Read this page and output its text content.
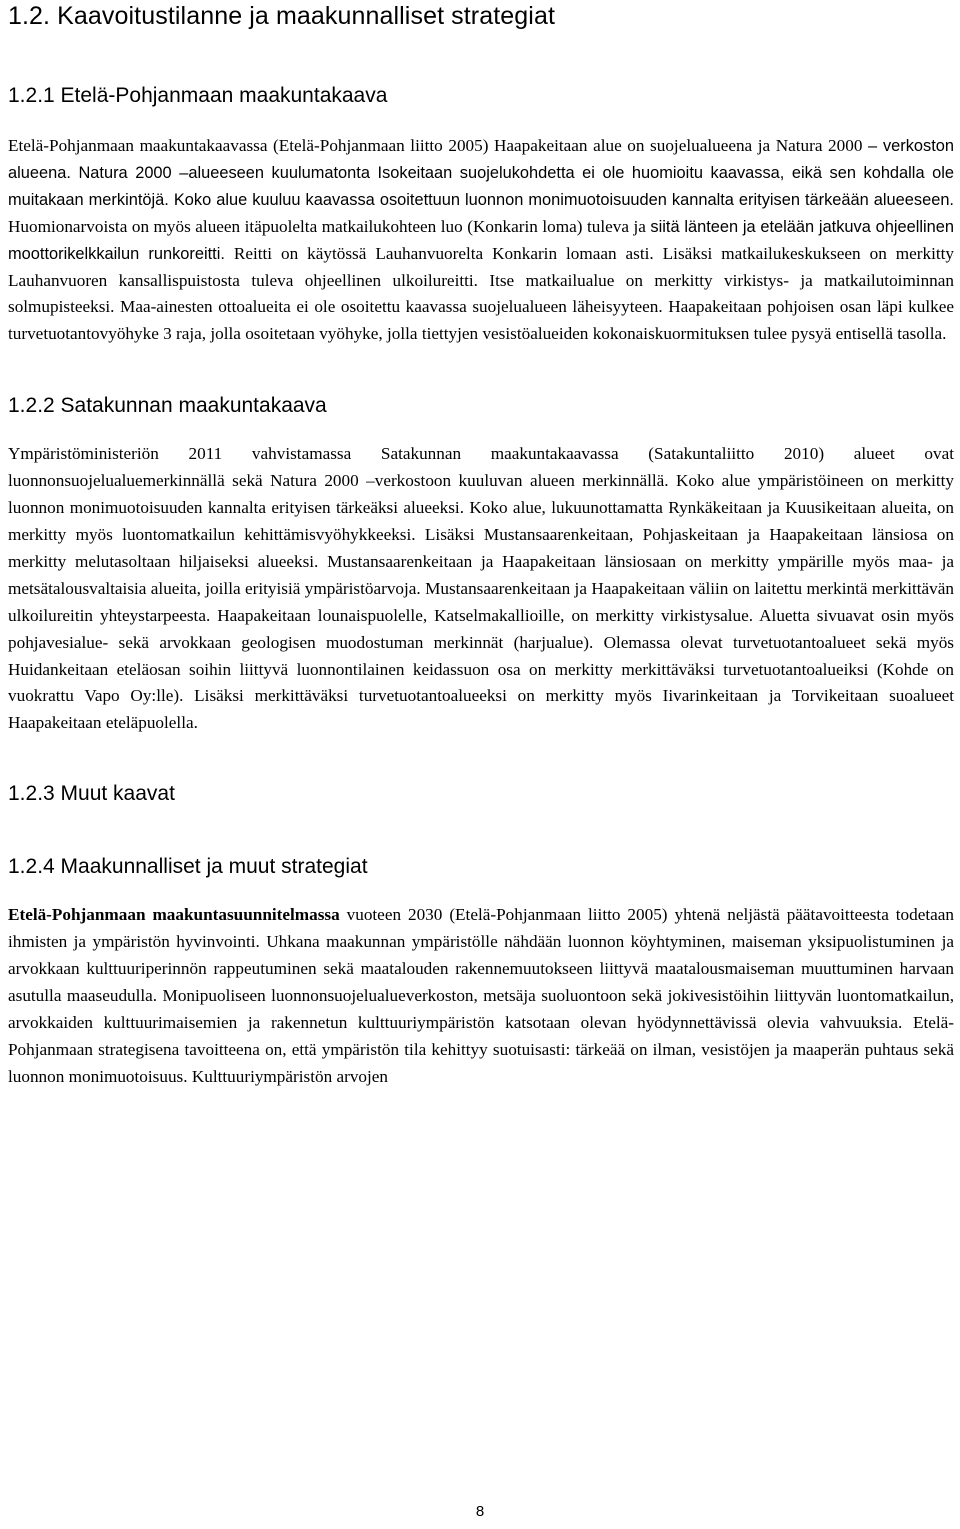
1.2. Kaavoitustilanne ja maakunnalliset strategiat
1.2.1 Etelä-Pohjanmaan maakuntakaava

Etelä-Pohjanmaan maakuntakaavassa (Etelä-Pohjanmaan liitto 2005) Haapakeitaan alue on suojelualueena ja Natura 2000 – verkoston alueena. Natura 2000 –alueeseen kuulumatonta Isokeitaan suojelukohdetta ei ole huomioitu kaavassa, eikä sen kohdalla ole muitakaan merkintöjä. Koko alue kuuluu kaavassa osoitettuun luonnon monimuotoisuuden kannalta erityisen tärkeään alueeseen. Huomionarvoista on myös alueen itäpuolelta matkailukohteen luo (Konkarin loma) tuleva ja siitä länteen ja etelään jatkuva ohjeellinen moottorikelkkailun runkoreitti. Reitti on käytössä Lauhanvuorelta Konkarin lomaan asti. Lisäksi matkailukeskukseen on merkitty Lauhanvuoren kansallispuistosta tuleva ohjeellinen ulkoilureitti. Itse matkailualue on merkitty virkistys- ja matkailutoiminnan solmupisteeksi. Maa-ainesten ottoalueita ei ole osoitettu kaavassa suojelualueen läheisyyteen. Haapakeitaan pohjoisen osan läpi kulkee turvetuotantovyöhyke 3 raja, jolla osoitetaan vyöhyke, jolla tiettyjen vesistöalueiden kokonaiskuormituksen tulee pysyä entisellä tasolla.

1.2.2 Satakunnan maakuntakaava

Ympäristöministeriön 2011 vahvistamassa Satakunnan maakuntakaavassa (Satakuntaliitto 2010) alueet ovat luonnonsuojelualuemerkinnällä sekä Natura 2000 –verkostoon kuuluvan alueen merkinnällä. Koko alue ympäristöineen on merkitty luonnon monimuotoisuuden kannalta erityisen tärkeäksi alueeksi. Koko alue, lukuunottamatta Rynkäkeitaan ja Kuusikeitaan alueita, on merkitty myös luontomatkailun kehittämisvyöhykkeeksi. Lisäksi Mustansaarenkeitaan, Pohjaskeitaan ja Haapakeitaan länsiosa on merkitty melutasoltaan hiljaiseksi alueeksi. Mustansaarenkeitaan ja Haapakeitaan länsiosaan on merkitty ympärille myös maa- ja metsätalousvaltaisia alueita, joilla erityisiä ympäristöarvoja. Mustansaarenkeitaan ja Haapakeitaan väliin on laitettu merkintä merkittävän ulkoilureitin yhteystarpeesta. Haapakeitaan lounaispuolelle, Katselmakallioille, on merkitty virkistysalue. Aluetta sivuavat osin myös pohjavesialue- sekä arvokkaan geologisen muodostuman merkinnät (harjualue). Olemassa olevat turvetuotantoalueet sekä myös Huidankeitaan eteläosan soihin liittyvä luonnontilainen keidassuon osa on merkitty merkittäväksi turvetuotantoalueiksi (Kohde on vuokrattu Vapo Oy:lle). Lisäksi merkittäväksi turvetuotantoalueeksi on merkitty myös Iivarinkeitaan ja Torvikeitaan suoalueet Haapakeitaan eteläpuolella.

1.2.3 Muut kaavat
1.2.4 Maakunnalliset ja muut strategiat

Etelä-Pohjanmaan maakuntasuunnitelmassa vuoteen 2030 (Etelä-Pohjanmaan liitto 2005) yhtenä neljästä päätavoitteesta todetaan ihmisten ja ympäristön hyvinvointi. Uhkana maakunnan ympäristölle nähdään luonnon köyhtyminen, maiseman yksipuolistuminen ja arvokkaan kulttuuriperinnön rappeutuminen sekä maatalouden rakennemuutokseen liittyvä maatalousmaiseman muuttuminen harvaan asutulla maaseudulla. Monipuoliseen luonnonsuojelualueverkoston, metsäja suoluontoon sekä jokivesistöihin liittyvän luontomatkailun, arvokkaiden kulttuurimaisemien ja rakennetun kulttuuriympäristön katsotaan olevan hyödynnettävissä olevia vahvuuksia. Etelä-Pohjanmaan strategisena tavoitteena on, että ympäristön tila kehittyy suotuisasti: tärkeää on ilman, vesistöjen ja maaperän puhtaus sekä luonnon monimuotoisuus. Kulttuuriympäristön arvojen

8
